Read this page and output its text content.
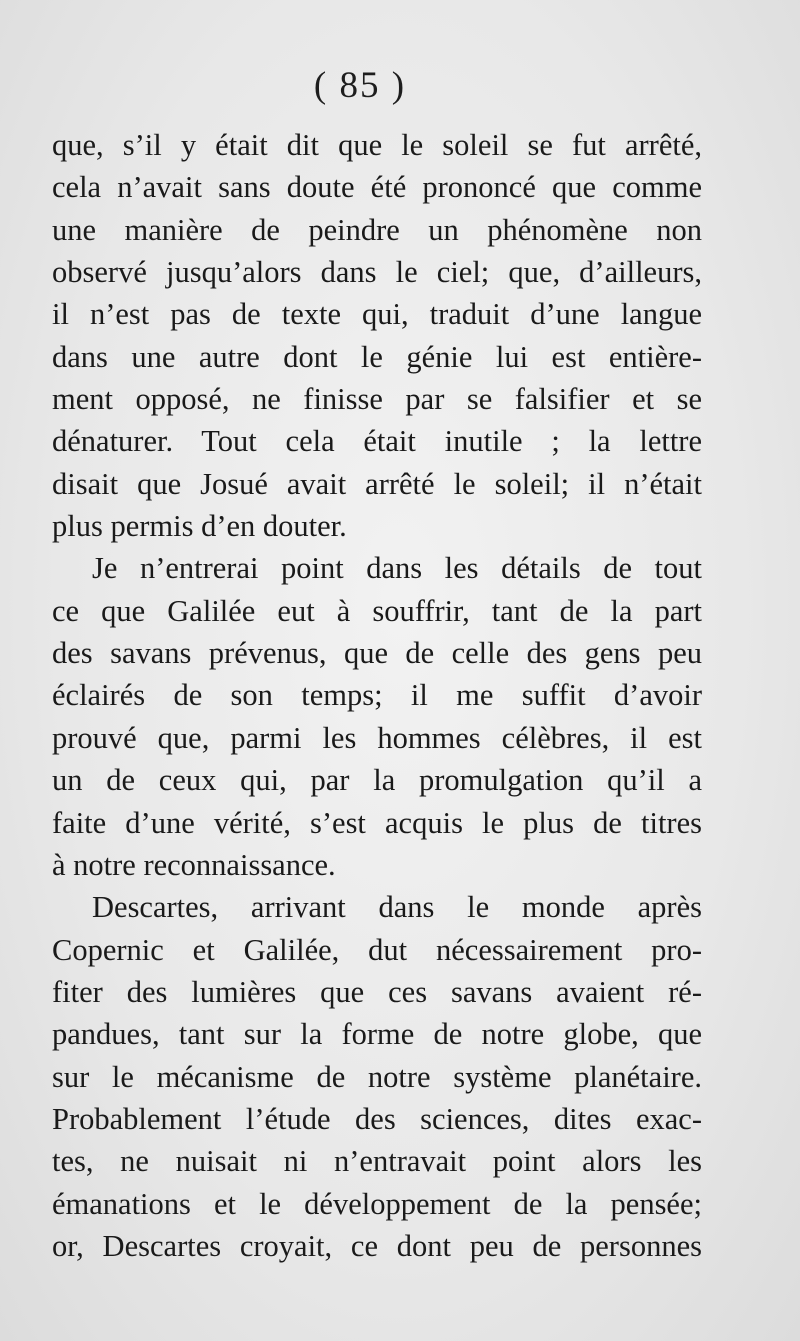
( 85 )
que, s’il y était dit que le soleil se fut arrêté,
cela n’avait sans doute été prononcé que comme
une manière de peindre un phénomène non
observé jusqu’alors dans le ciel; que, d’ailleurs,
il n’est pas de texte qui, traduit d’une langue
dans une autre dont le génie lui est entière-
ment opposé, ne finisse par se falsifier et se
dénaturer. Tout cela était inutile ; la lettre
disait que Josué avait arrêté le soleil; il n’était
plus permis d’en douter.
Je n’entrerai point dans les détails de tout
ce que Galilée eut à souffrir, tant de la part
des savans prévenus, que de celle des gens peu
éclairés de son temps; il me suffit d’avoir
prouvé que, parmi les hommes célèbres, il est
un de ceux qui, par la promulgation qu’il a
faite d’une vérité, s’est acquis le plus de titres
à notre reconnaissance.
Descartes, arrivant dans le monde après
Copernic et Galilée, dut nécessairement pro-
fiter des lumières que ces savans avaient ré-
pandues, tant sur la forme de notre globe, que
sur le mécanisme de notre système planétaire.
Probablement l’étude des sciences, dites exac-
tes, ne nuisait ni n’entravait point alors les
émanations et le développement de la pensée;
or, Descartes croyait, ce dont peu de personnes
